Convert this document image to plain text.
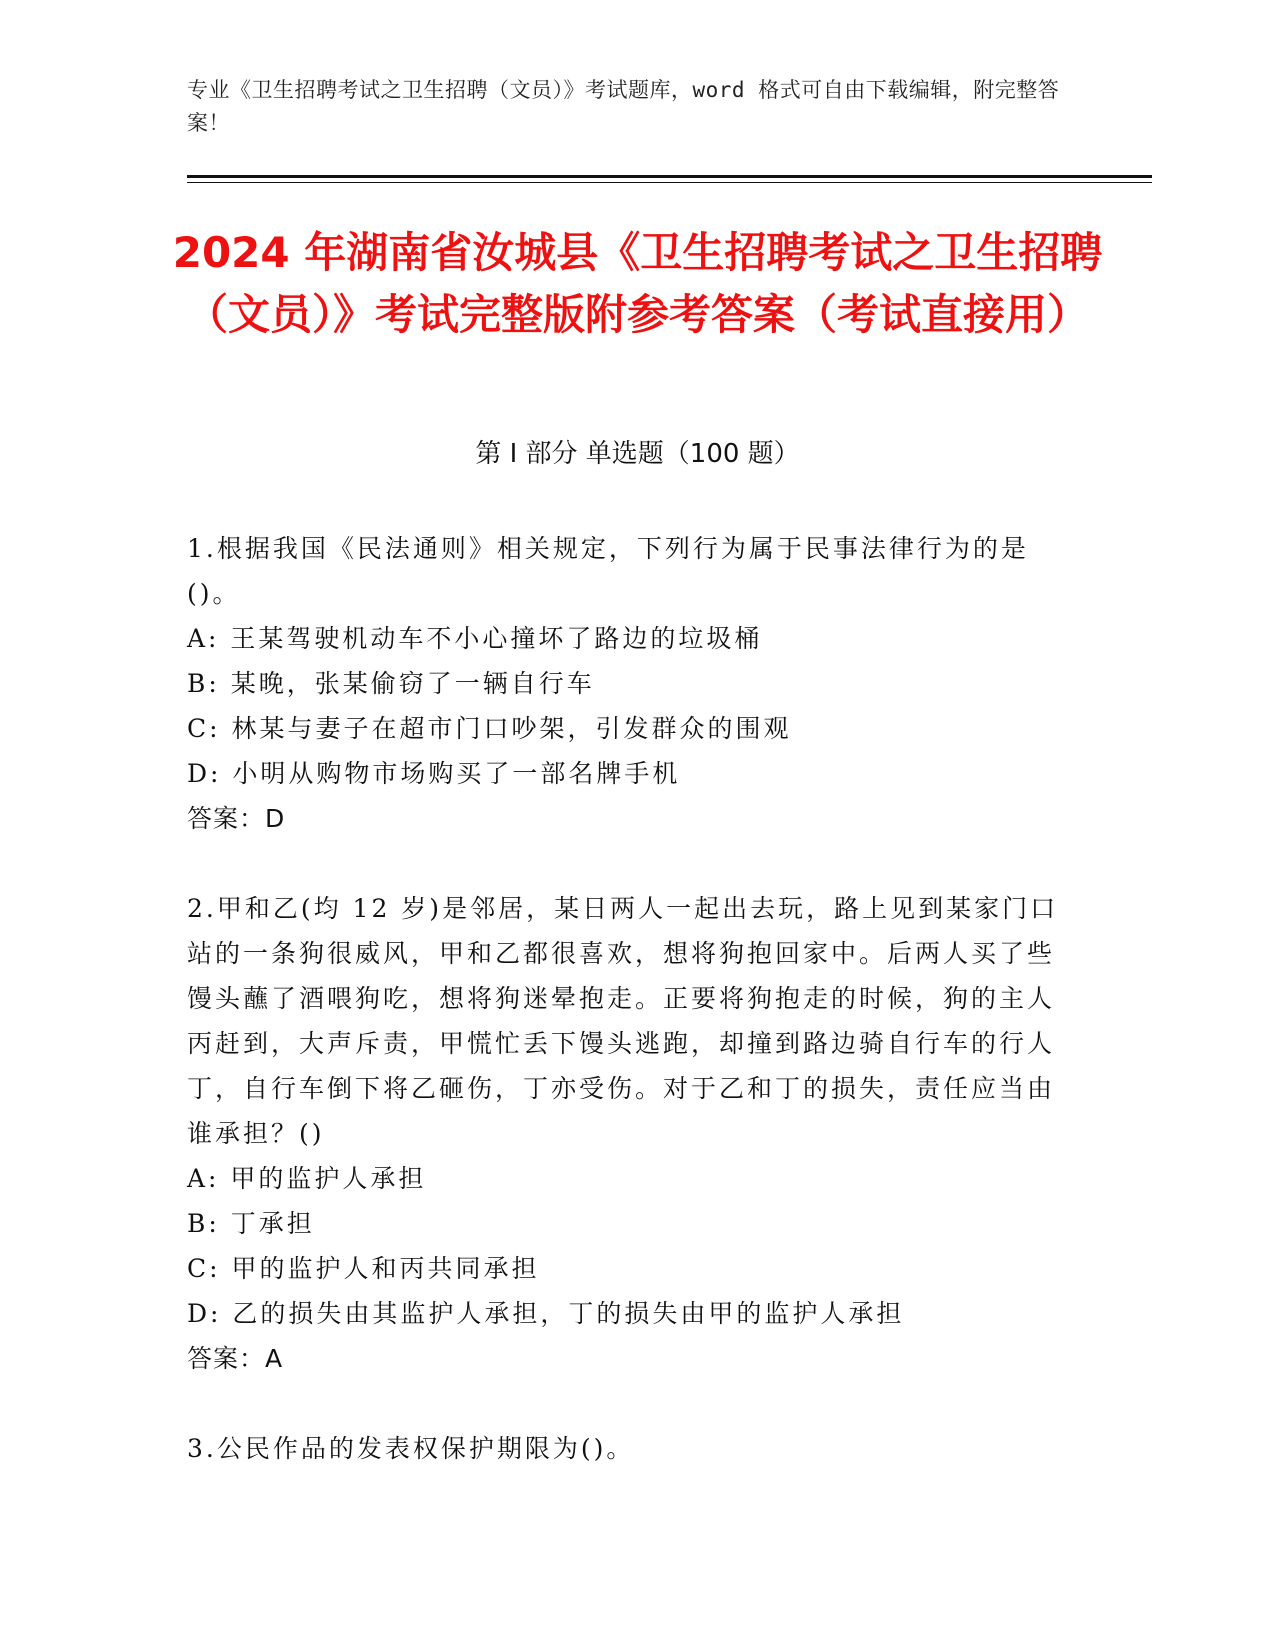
专业《卫生招聘考试之卫生招聘（文员）》考试题库，word 格式可自由下载编辑，附完整答案！
2024 年湖南省汝城县《卫生招聘考试之卫生招聘（文员）》考试完整版附参考答案（考试直接用）
第 I 部分 单选题（100 题）
1.根据我国《民法通则》相关规定，下列行为属于民事法律行为的是()。
A: 王某驾驶机动车不小心撞坏了路边的垃圾桶
B: 某晚，张某偷窃了一辆自行车
C: 林某与妻子在超市门口吵架，引发群众的围观
D: 小明从购物市场购买了一部名牌手机
答案：D
2.甲和乙(均 12 岁)是邻居，某日两人一起出去玩，路上见到某家门口站的一条狗很威风，甲和乙都很喜欢，想将狗抱回家中。后两人买了些馒头蘸了酒喂狗吃，想将狗迷晕抱走。正要将狗抱走的时候，狗的主人丙赶到，大声斥责，甲慌忙丢下馒头逃跑，却撞到路边骑自行车的行人丁，自行车倒下将乙砸伤，丁亦受伤。对于乙和丁的损失，责任应当由谁承担？()
A: 甲的监护人承担
B: 丁承担
C: 甲的监护人和丙共同承担
D: 乙的损失由其监护人承担，丁的损失由甲的监护人承担
答案：A
3.公民作品的发表权保护期限为()。
